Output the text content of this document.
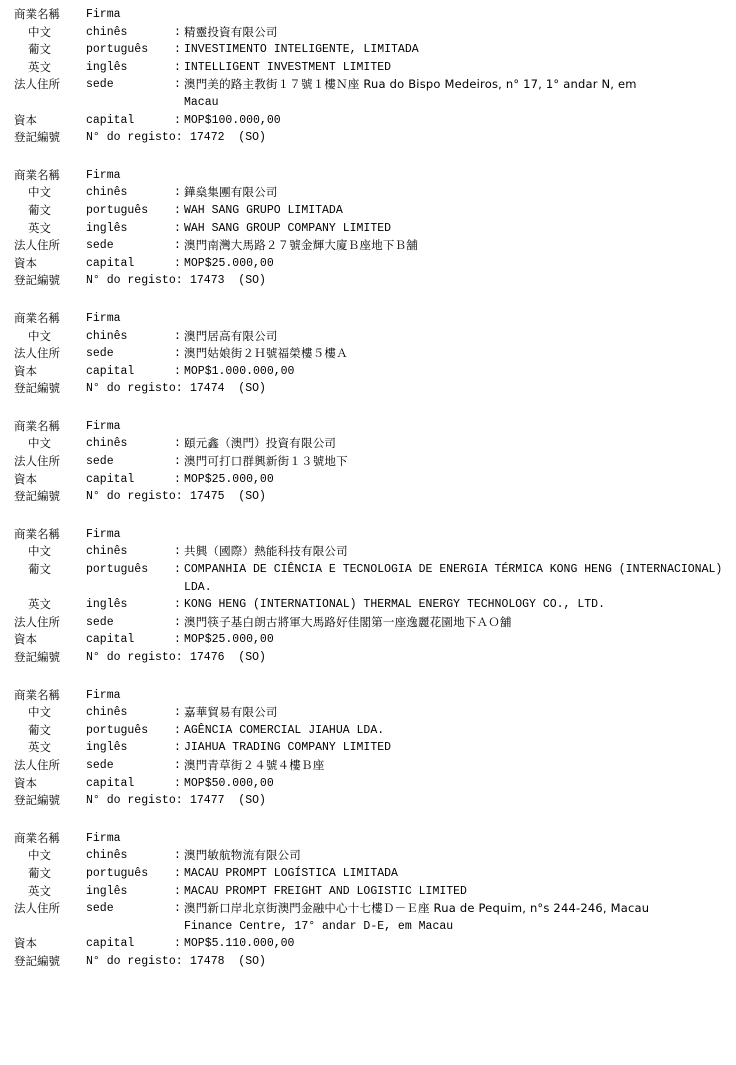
商業名稱	Firma
中文	chinês	: 精靈投資有限公司
葡文	português	: INVESTIMENTO INTELIGENTE, LIMITADA
英文	inglês	: INTELLIGENT INVESTMENT LIMITED
法人住所	sede	: 澳門美的路主教街１７號１樓Ｎ座 Rua do Bispo Medeiros, n° 17, 1° andar N, em
Macau
資本	capital	: MOP$100.000,00
登記編號	N° do registo: 17472  (SO)
商業名稱	Firma
中文	chinês	: 鏵燊集團有限公司
葡文	português	: WAH SANG GRUPO LIMITADA
英文	inglês	: WAH SANG GROUP COMPANY LIMITED
法人住所	sede	: 澳門南灣大馬路２７號金輝大廈Ｂ座地下Ｂ舖
資本	capital	: MOP$25.000,00
登記編號	N° do registo: 17473  (SO)
商業名稱	Firma
中文	chinês	: 澳門居高有限公司
法人住所	sede	: 澳門姑娘街２Ｈ號福榮樓５樓Ａ
資本	capital	: MOP$1.000.000,00
登記編號	N° do registo: 17474  (SO)
商業名稱	Firma
中文	chinês	: 頤元鑫（澳門）投資有限公司
法人住所	sede	: 澳門可打口群興新街１３號地下
資本	capital	: MOP$25.000,00
登記編號	N° do registo: 17475  (SO)
商業名稱	Firma
中文	chinês	: 共興（國際）熱能科技有限公司
葡文	português	: COMPANHIA DE CIÊNCIA E TECNOLOGIA DE ENERGIA TÉRMICA KONG HENG (INTERNACIONAL)
LDA.
英文	inglês	: KONG HENG (INTERNATIONAL) THERMAL ENERGY TECHNOLOGY CO., LTD.
法人住所	sede	: 澳門筷子基白朗古將軍大馬路好佳閣第一座逸麗花園地下ＡＯ舖
資本	capital	: MOP$25.000,00
登記編號	N° do registo: 17476  (SO)
商業名稱	Firma
中文	chinês	: 嘉華貿易有限公司
葡文	português	: AGÊNCIA COMERCIAL JIAHUA LDA.
英文	inglês	: JIAHUA TRADING COMPANY LIMITED
法人住所	sede	: 澳門青草街２４號４樓Ｂ座
資本	capital	: MOP$50.000,00
登記編號	N° do registo: 17477  (SO)
商業名稱	Firma
中文	chinês	: 澳門敏航物流有限公司
葡文	português	: MACAU PROMPT LOGÍSTICA LIMITADA
英文	inglês	: MACAU PROMPT FREIGHT AND LOGISTIC LIMITED
法人住所	sede	: 澳門新口岸北京街澳門金融中心十七樓Ｄ－Ｅ座 Rua de Pequim, n°s 244-246, Macau
Finance Centre, 17° andar D-E, em Macau
資本	capital	: MOP$5.110.000,00
登記編號	N° do registo: 17478  (SO)
